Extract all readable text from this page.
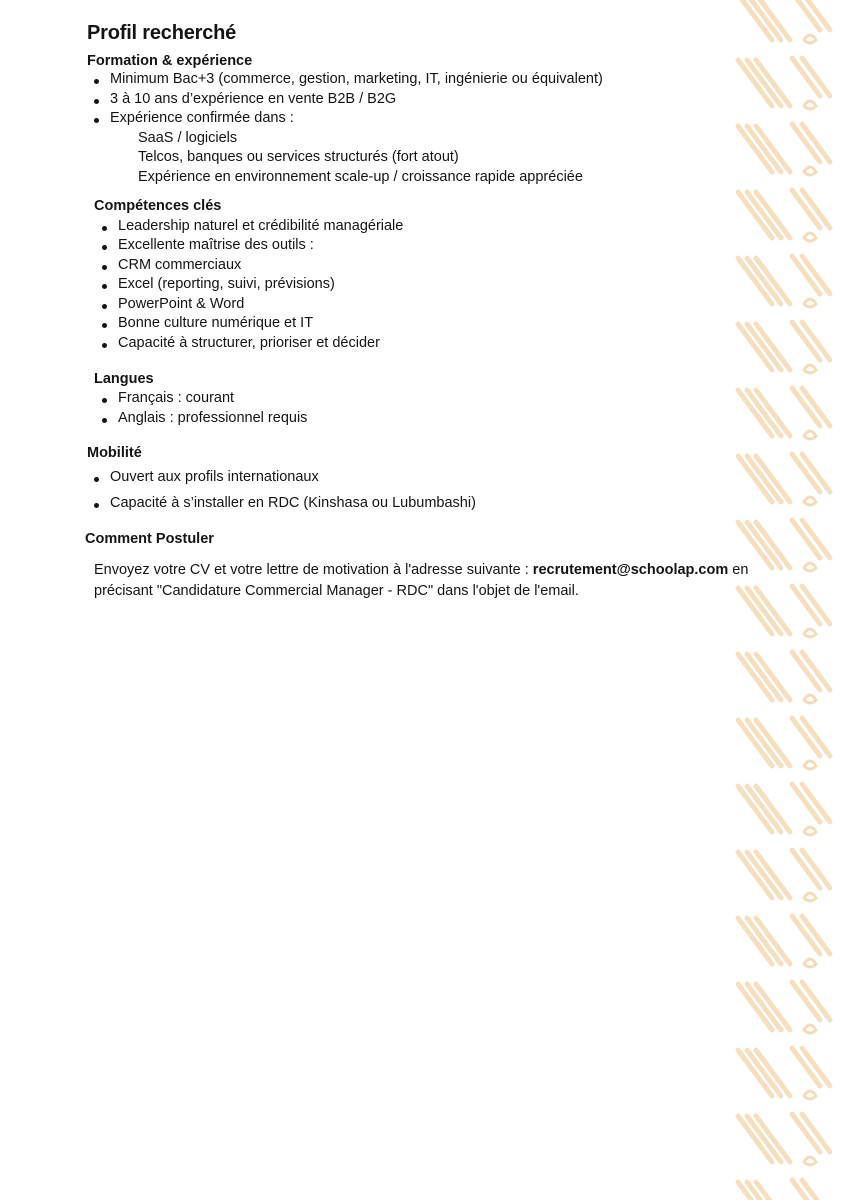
Profil recherché
Formation & expérience
Minimum Bac+3 (commerce, gestion, marketing, IT, ingénierie ou équivalent)
3 à 10 ans d’expérience en vente B2B / B2G
Expérience confirmée dans :
SaaS / logiciels
Telcos, banques ou services structurés (fort atout)
Expérience en environnement scale-up / croissance rapide appréciée
Compétences clés
Leadership naturel et crédibilité managériale
Excellente maîtrise des outils :
CRM commerciaux
Excel (reporting, suivi, prévisions)
PowerPoint & Word
Bonne culture numérique et IT
Capacité à structurer, prioriser et décider
Langues
Français : courant
Anglais : professionnel requis
Mobilité
Ouvert aux profils internationaux
Capacité à s’installer en RDC (Kinshasa ou Lubumbashi)
Comment Postuler

Envoyez votre CV et votre lettre de motivation à l'adresse suivante : recrutement@schoolap.com en précisant "Candidature Commercial Manager - RDC" dans l'objet de l'email.
